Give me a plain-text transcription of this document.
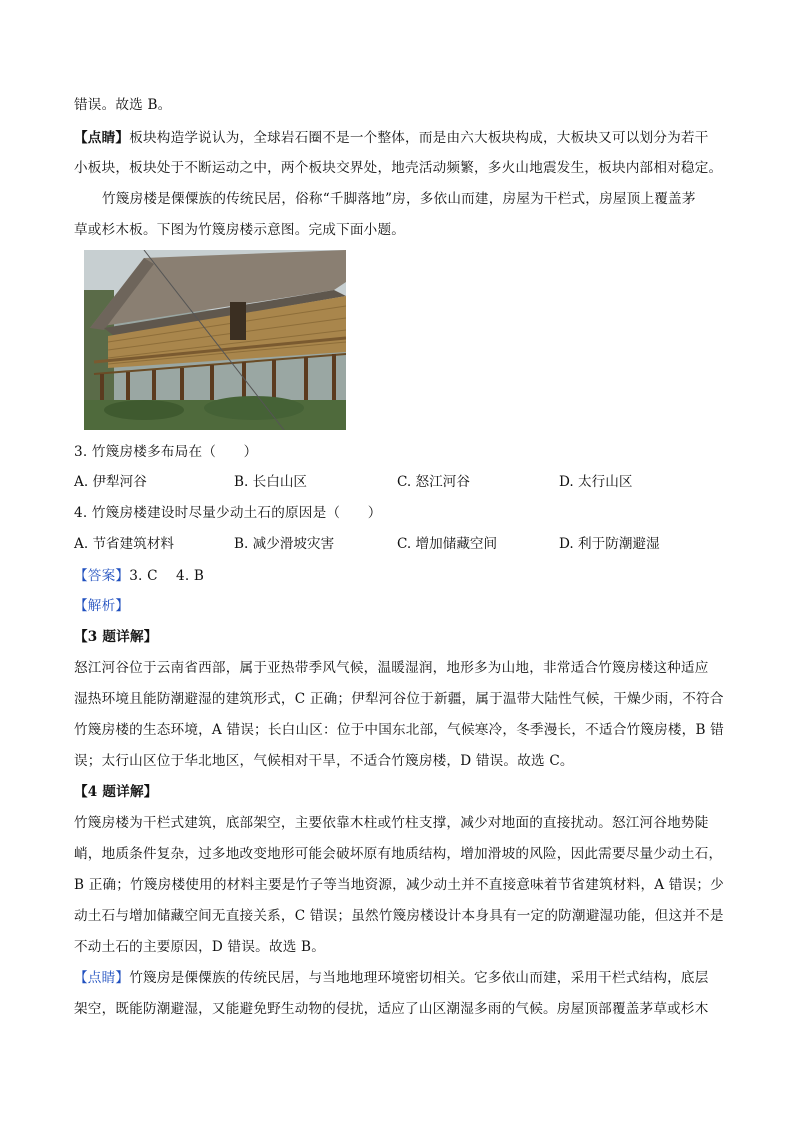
错误。故选 B。
【点睛】板块构造学说认为，全球岩石圈不是一个整体，而是由六大板块构成，大板块又可以划分为若干
小板块，板块处于不断运动之中，两个板块交界处，地壳活动频繁，多火山地震发生，板块内部相对稳定。
竹篾房楼是傈僳族的传统民居，俗称“千脚落地”房，多依山而建，房屋为干栏式，房屋顶上覆盖茅
草或杉木板。下图为竹篾房楼示意图。完成下面小题。
3. 竹篾房楼多布局在（　　）
A. 伊犁河谷	B. 长白山区	C. 怒江河谷	D. 太行山区
4. 竹篾房楼建设时尽量少动土石的原因是（　　）
A. 节省建筑材料	B. 减少滑坡灾害	C. 增加储藏空间	D. 利于防潮避湿
【答案】3. C　 4. B
【解析】
【3 题详解】
怒江河谷位于云南省西部，属于亚热带季风气候，温暖湿润，地形多为山地，非常适合竹篾房楼这种适应
湿热环境且能防潮避湿的建筑形式，C 正确；伊犁河谷位于新疆，属于温带大陆性气候，干燥少雨，不符合
竹篾房楼的生态环境，A 错误；长白山区：位于中国东北部，气候寒冷，冬季漫长，不适合竹篾房楼，B 错
误；太行山区位于华北地区，气候相对干旱，不适合竹篾房楼，D 错误。故选 C。
【4 题详解】
竹篾房楼为干栏式建筑，底部架空，主要依靠木柱或竹柱支撑，减少对地面的直接扰动。怒江河谷地势陡
峭，地质条件复杂，过多地改变地形可能会破坏原有地质结构，增加滑坡的风险，因此需要尽量少动土石，
B 正确；竹篾房楼使用的材料主要是竹子等当地资源，减少动土并不直接意味着节省建筑材料，A 错误；少
动土石与增加储藏空间无直接关系，C 错误；虽然竹篾房楼设计本身具有一定的防潮避湿功能，但这并不是
不动土石的主要原因，D 错误。故选 B。
【点睛】竹篾房是傈僳族的传统民居，与当地地理环境密切相关。它多依山而建，采用干栏式结构，底层
架空，既能防潮避湿，又能避免野生动物的侵扰，适应了山区潮湿多雨的气候。房屋顶部覆盖茅草或杉木
